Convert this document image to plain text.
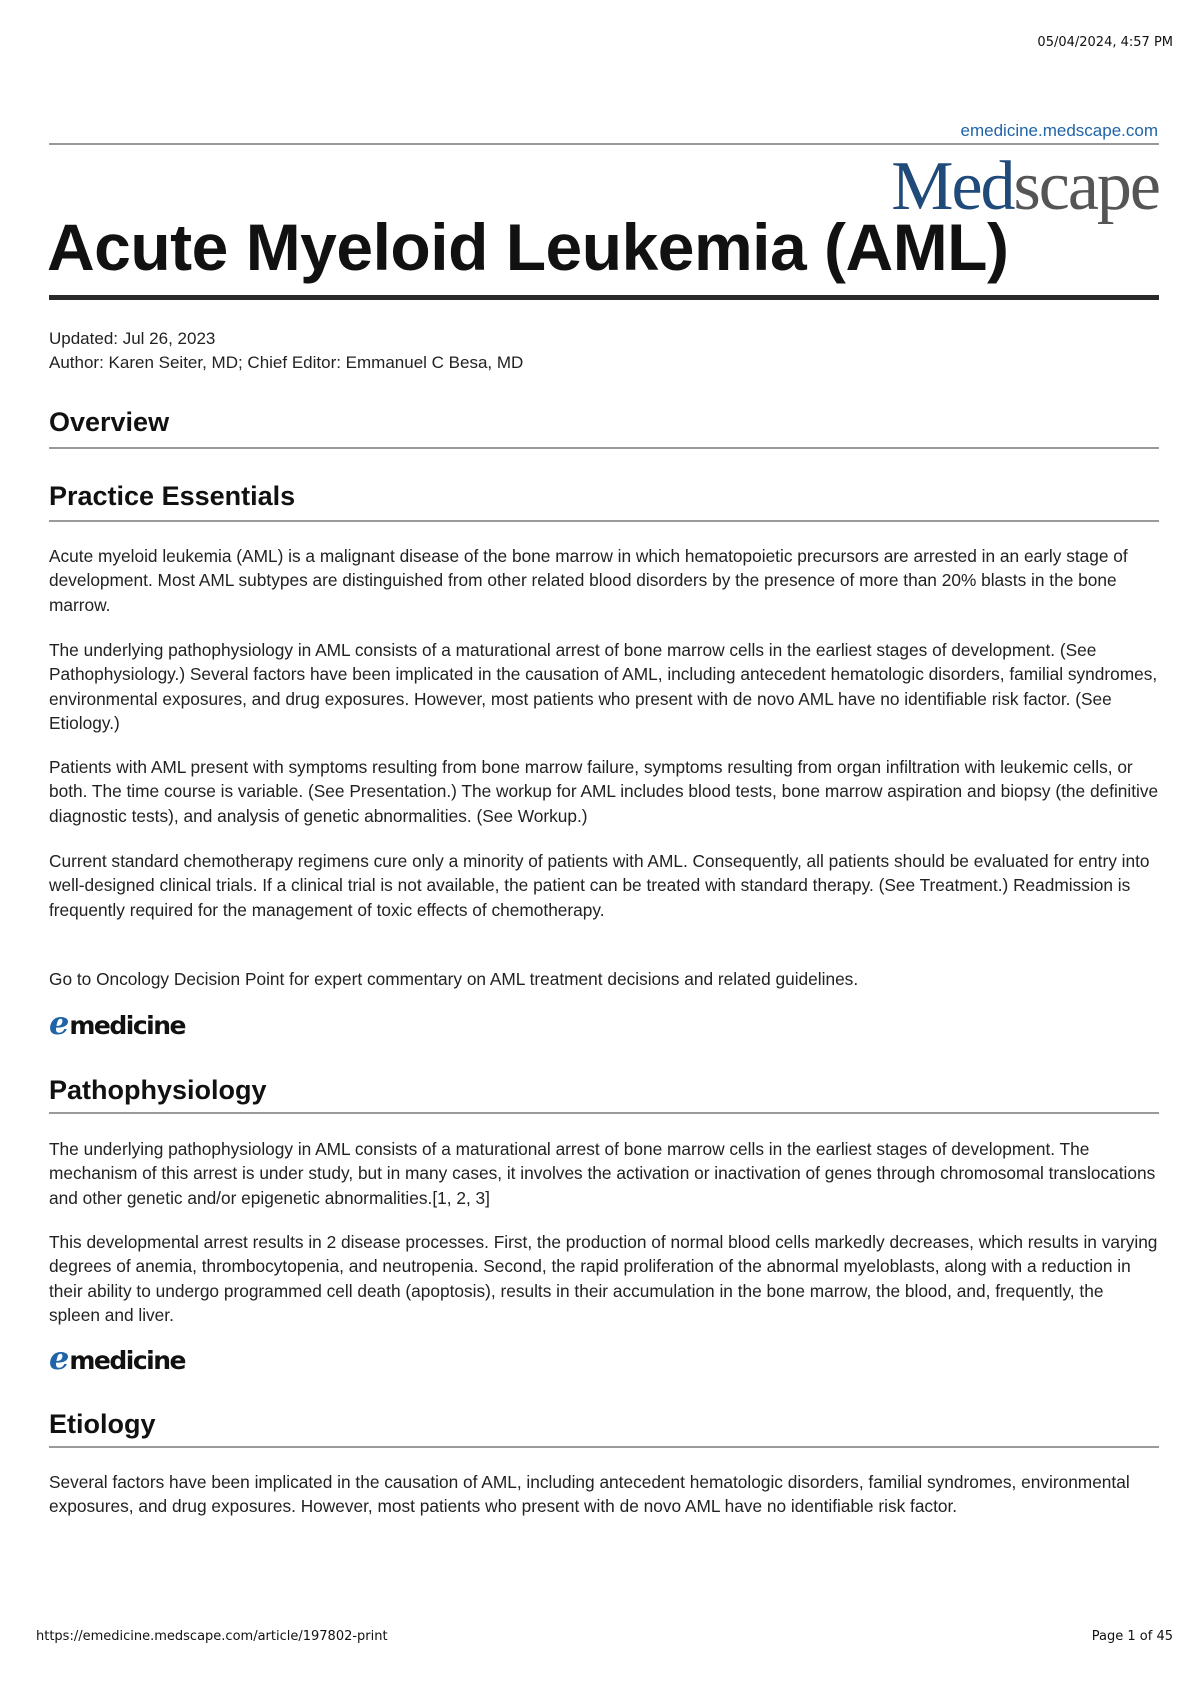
05/04/2024, 4:57 PM
emedicine.medscape.com
Medscape
Acute Myeloid Leukemia (AML)
Updated: Jul 26, 2023
Author: Karen Seiter, MD; Chief Editor: Emmanuel C Besa, MD
Overview
Practice Essentials

Acute myeloid leukemia (AML) is a malignant disease of the bone marrow in which hematopoietic precursors are arrested in an early stage of development. Most AML subtypes are distinguished from other related blood disorders by the presence of more than 20% blasts in the bone marrow.

The underlying pathophysiology in AML consists of a maturational arrest of bone marrow cells in the earliest stages of development. (See Pathophysiology.) Several factors have been implicated in the causation of AML, including antecedent hematologic disorders, familial syndromes, environmental exposures, and drug exposures. However, most patients who present with de novo AML have no identifiable risk factor. (See Etiology.)

Patients with AML present with symptoms resulting from bone marrow failure, symptoms resulting from organ infiltration with leukemic cells, or both. The time course is variable. (See Presentation.) The workup for AML includes blood tests, bone marrow aspiration and biopsy (the definitive diagnostic tests), and analysis of genetic abnormalities. (See Workup.)

Current standard chemotherapy regimens cure only a minority of patients with AML. Consequently, all patients should be evaluated for entry into well-designed clinical trials. If a clinical trial is not available, the patient can be treated with standard therapy. (See Treatment.) Readmission is frequently required for the management of toxic effects of chemotherapy.

Go to Oncology Decision Point for expert commentary on AML treatment decisions and related guidelines.

emedicine
Pathophysiology

The underlying pathophysiology in AML consists of a maturational arrest of bone marrow cells in the earliest stages of development. The mechanism of this arrest is under study, but in many cases, it involves the activation or inactivation of genes through chromosomal translocations and other genetic and/or epigenetic abnormalities.[1, 2, 3]

This developmental arrest results in 2 disease processes. First, the production of normal blood cells markedly decreases, which results in varying degrees of anemia, thrombocytopenia, and neutropenia. Second, the rapid proliferation of the abnormal myeloblasts, along with a reduction in their ability to undergo programmed cell death (apoptosis), results in their accumulation in the bone marrow, the blood, and, frequently, the spleen and liver.

emedicine
Etiology

Several factors have been implicated in the causation of AML, including antecedent hematologic disorders, familial syndromes, environmental exposures, and drug exposures. However, most patients who present with de novo AML have no identifiable risk factor.

https://emedicine.medscape.com/article/197802-print	Page 1 of 45
